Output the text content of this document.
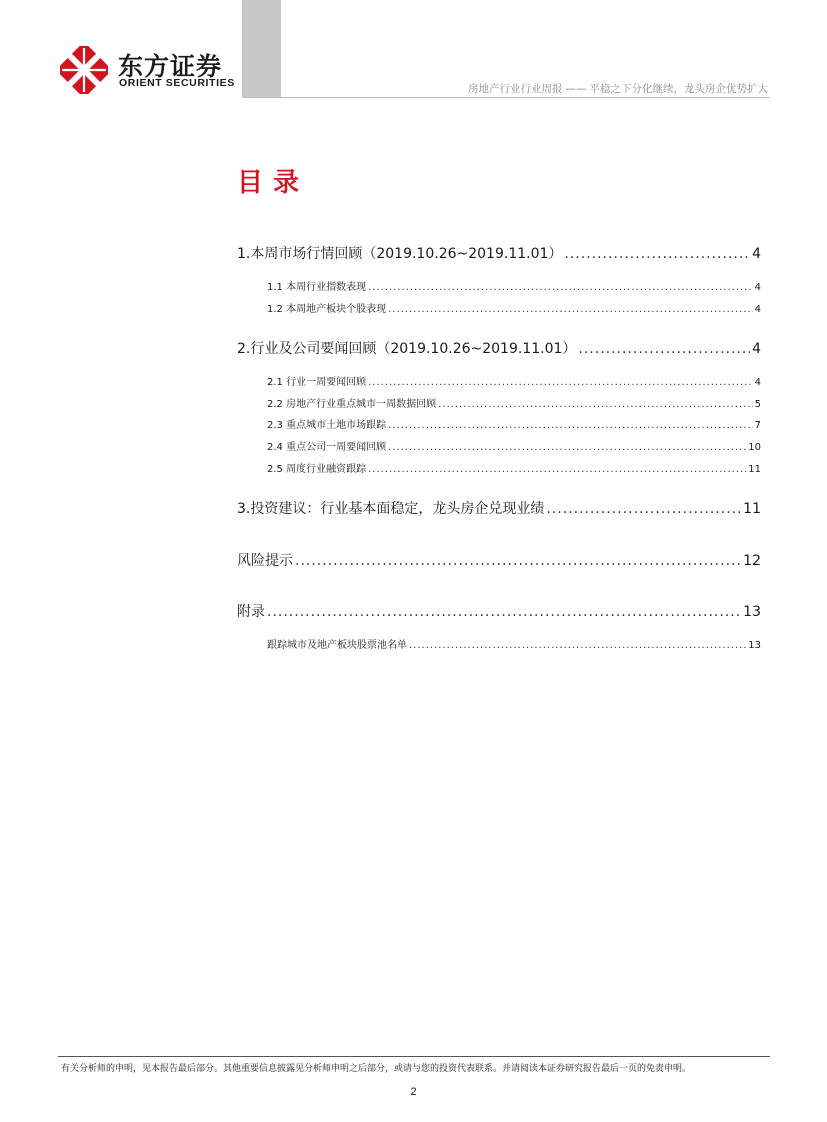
东方证券
ORIENT SECURITIES	房地产行业行业周报 —— 平稳之下分化继续，龙头房企优势扩大
目录
1.本周市场行情回顾（2019.10.26~2019.11.01） .....	4
1.1 本周行业指数表现 .....	4
1.2 本周地产板块个股表现 .....	4
2.行业及公司要闻回顾（2019.10.26~2019.11.01） .....	4
2.1 行业一周要闻回顾 .....	4
2.2 房地产行业重点城市一周数据回顾 .....	5
2.3 重点城市土地市场跟踪 .....	7
2.4 重点公司一周要闻回顾 .....	10
2.5 周度行业融资跟踪 .....	11
3.投资建议：行业基本面稳定，龙头房企兑现业绩 .....	11
风险提示 .....	12
附录 .....	13
跟踪城市及地产板块股票池名单 .....	13
有关分析师的申明，见本报告最后部分。其他重要信息披露见分析师申明之后部分，或请与您的投资代表联系。并请阅读本证券研究报告最后一页的免责申明。
2
